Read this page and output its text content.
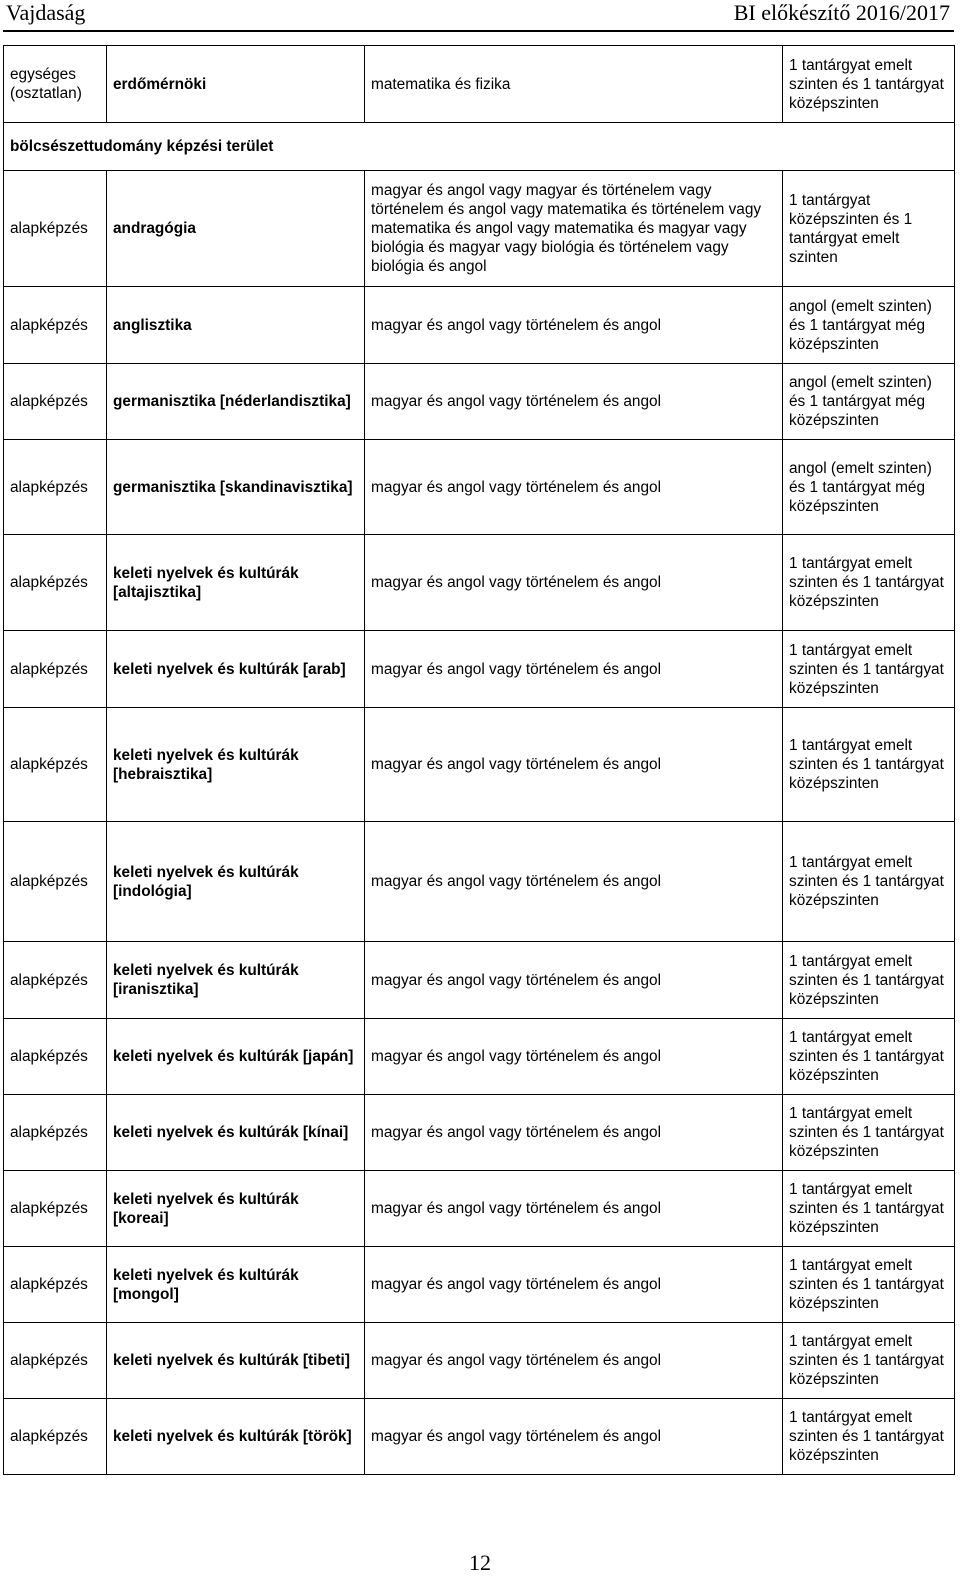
Vajdaság	BI előkészítő 2016/2017
egységes (osztatlan)	erdőmérnöki	matematika és fizika	1 tantárgyat emelt szinten és 1 tantárgyat középszinten
bölcsészettudomány képzési terület			
alapképzés	andragógia	magyar és angol vagy magyar és történelem vagy történelem és angol vagy matematika és történelem vagy matematika és angol vagy matematika és magyar vagy biológia és magyar vagy biológia és történelem vagy biológia és angol	1 tantárgyat középszinten és 1 tantárgyat emelt szinten
alapképzés	anglisztika	magyar és angol vagy történelem és angol	angol (emelt szinten) és 1 tantárgyat még középszinten
alapképzés	germanisztika [néderlandisztika]	magyar és angol vagy történelem és angol	angol (emelt szinten) és 1 tantárgyat még középszinten
alapképzés	germanisztika [skandinavisztika]	magyar és angol vagy történelem és angol	angol (emelt szinten) és 1 tantárgyat még középszinten
alapképzés	keleti nyelvek és kultúrák [altajisztika]	magyar és angol vagy történelem és angol	1 tantárgyat emelt szinten és 1 tantárgyat középszinten
alapképzés	keleti nyelvek és kultúrák [arab]	magyar és angol vagy történelem és angol	1 tantárgyat emelt szinten és 1 tantárgyat középszinten
alapképzés	keleti nyelvek és kultúrák [hebraisztika]	magyar és angol vagy történelem és angol	1 tantárgyat emelt szinten és 1 tantárgyat középszinten
alapképzés	keleti nyelvek és kultúrák [indológia]	magyar és angol vagy történelem és angol	1 tantárgyat emelt szinten és 1 tantárgyat középszinten
alapképzés	keleti nyelvek és kultúrák [iranisztika]	magyar és angol vagy történelem és angol	1 tantárgyat emelt szinten és 1 tantárgyat középszinten
alapképzés	keleti nyelvek és kultúrák [japán]	magyar és angol vagy történelem és angol	1 tantárgyat emelt szinten és 1 tantárgyat középszinten
alapképzés	keleti nyelvek és kultúrák [kínai]	magyar és angol vagy történelem és angol	1 tantárgyat emelt szinten és 1 tantárgyat középszinten
alapképzés	keleti nyelvek és kultúrák [koreai]	magyar és angol vagy történelem és angol	1 tantárgyat emelt szinten és 1 tantárgyat középszinten
alapképzés	keleti nyelvek és kultúrák [mongol]	magyar és angol vagy történelem és angol	1 tantárgyat emelt szinten és 1 tantárgyat középszinten
alapképzés	keleti nyelvek és kultúrák [tibeti]	magyar és angol vagy történelem és angol	1 tantárgyat emelt szinten és 1 tantárgyat középszinten
alapképzés	keleti nyelvek és kultúrák [török]	magyar és angol vagy történelem és angol	1 tantárgyat emelt szinten és 1 tantárgyat középszinten
12
